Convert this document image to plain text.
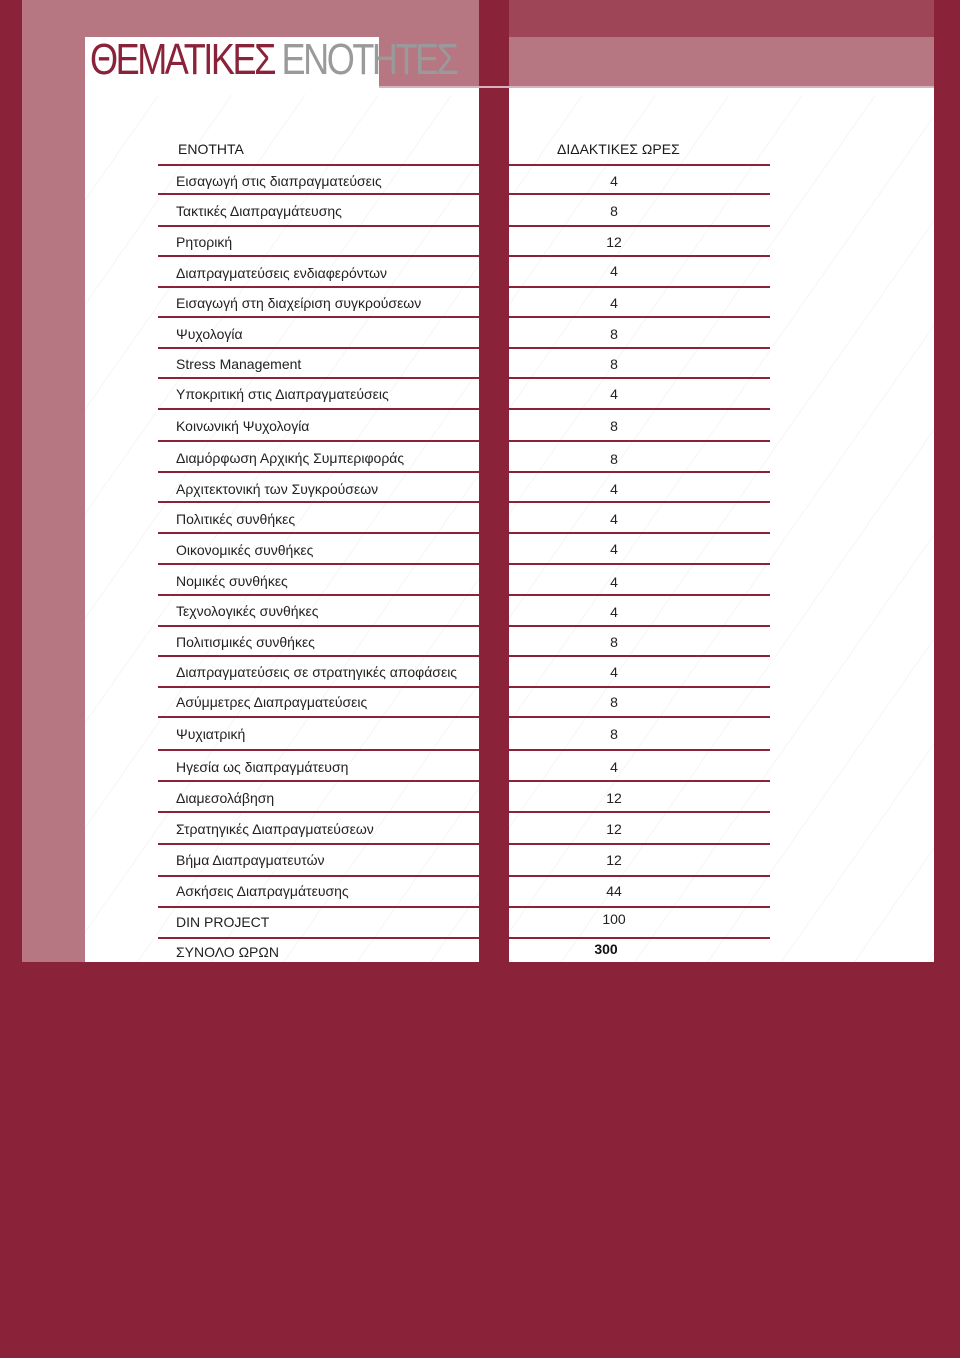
ΘΕΜΑΤΙΚΕΣ ΕΝΟΤΗΤΕΣ
ΕΝΟΤΗΤΑ	ΔΙΔΑΚΤΙΚΕΣ ΩΡΕΣ
Εισαγωγή στις διαπραγματεύσεις	4
Τακτικές Διαπραγμάτευσης	8
Ρητορική	12
Διαπραγματεύσεις ενδιαφερόντων	4
Εισαγωγή στη διαχείριση συγκρούσεων	4
Ψυχολογία	8
Stress Management	8
Υποκριτική στις Διαπραγματεύσεις	4
Κοινωνική Ψυχολογία	8
Διαμόρφωση Αρχικής Συμπεριφοράς	8
Αρχιτεκτονική των Συγκρούσεων	4
Πολιτικές συνθήκες	4
Οικονομικές συνθήκες	4
Νομικές συνθήκες	4
Τεχνολογικές συνθήκες	4
Πολιτισμικές συνθήκες	8
Διαπραγματεύσεις σε στρατηγικές αποφάσεις	4
Ασύμμετρες Διαπραγματεύσεις	8
Ψυχιατρική	8
Ηγεσία ως διαπραγμάτευση	4
Διαμεσολάβηση	12
Στρατηγικές Διαπραγματεύσεων	12
Βήμα Διαπραγματευτών	12
Ασκήσεις Διαπραγμάτευσης	44
DIN PROJECT	100
ΣΥΝΟΛΟ ΩΡΩΝ	300
